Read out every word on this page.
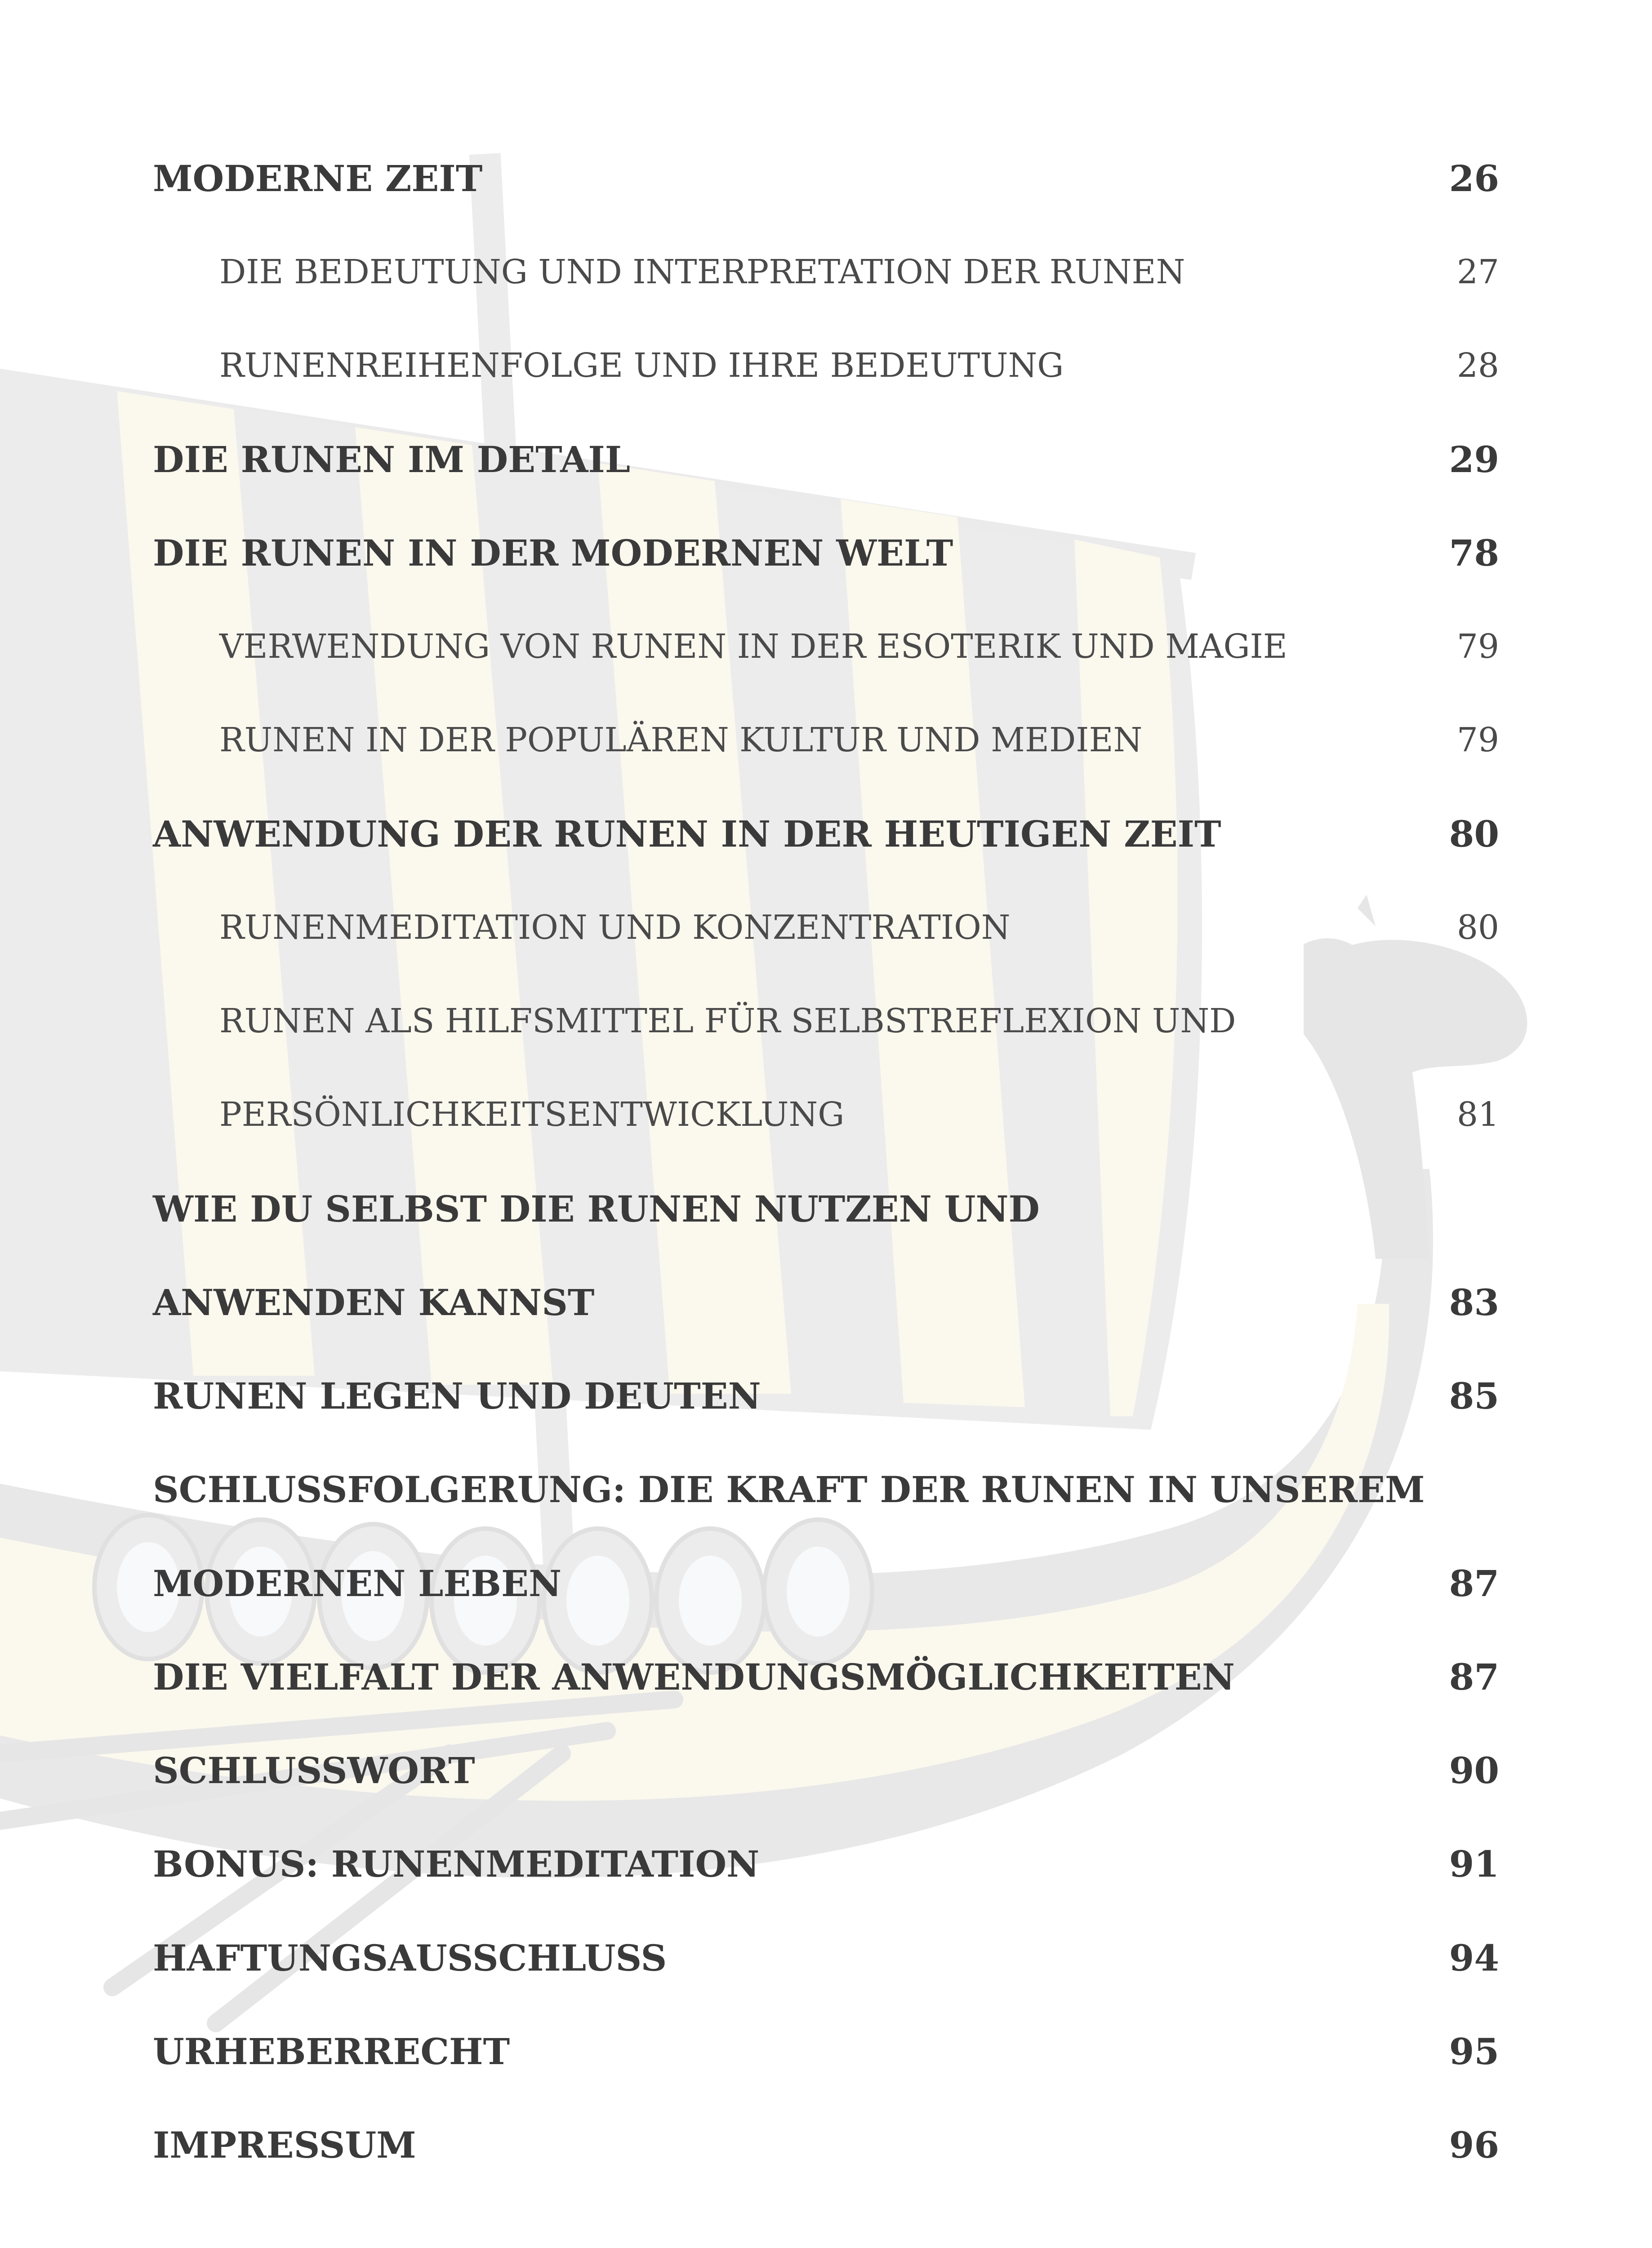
MODERNE ZEIT	26
DIE BEDEUTUNG UND INTERPRETATION DER RUNEN	27
RUNENREIHENFOLGE UND IHRE BEDEUTUNG	28
DIE RUNEN IM DETAIL	29
DIE RUNEN IN DER MODERNEN WELT	78
VERWENDUNG VON RUNEN IN DER ESOTERIK UND MAGIE	79
RUNEN IN DER POPULÄREN KULTUR UND MEDIEN	79
ANWENDUNG DER RUNEN IN DER HEUTIGEN ZEIT	80
RUNENMEDITATION UND KONZENTRATION	80
RUNEN ALS HILFSMITTEL FÜR SELBSTREFLEXION UND
PERSÖNLICHKEITSENTWICKLUNG	81
WIE DU SELBST DIE RUNEN NUTZEN UND
ANWENDEN KANNST	83
RUNEN LEGEN UND DEUTEN	85
SCHLUSSFOLGERUNG: DIE KRAFT DER RUNEN IN UNSEREM
MODERNEN LEBEN	87
DIE VIELFALT DER ANWENDUNGSMÖGLICHKEITEN	87
SCHLUSSWORT	90
BONUS: RUNENMEDITATION	91
HAFTUNGSAUSSCHLUSS	94
URHEBERRECHT	95
IMPRESSUM	96
